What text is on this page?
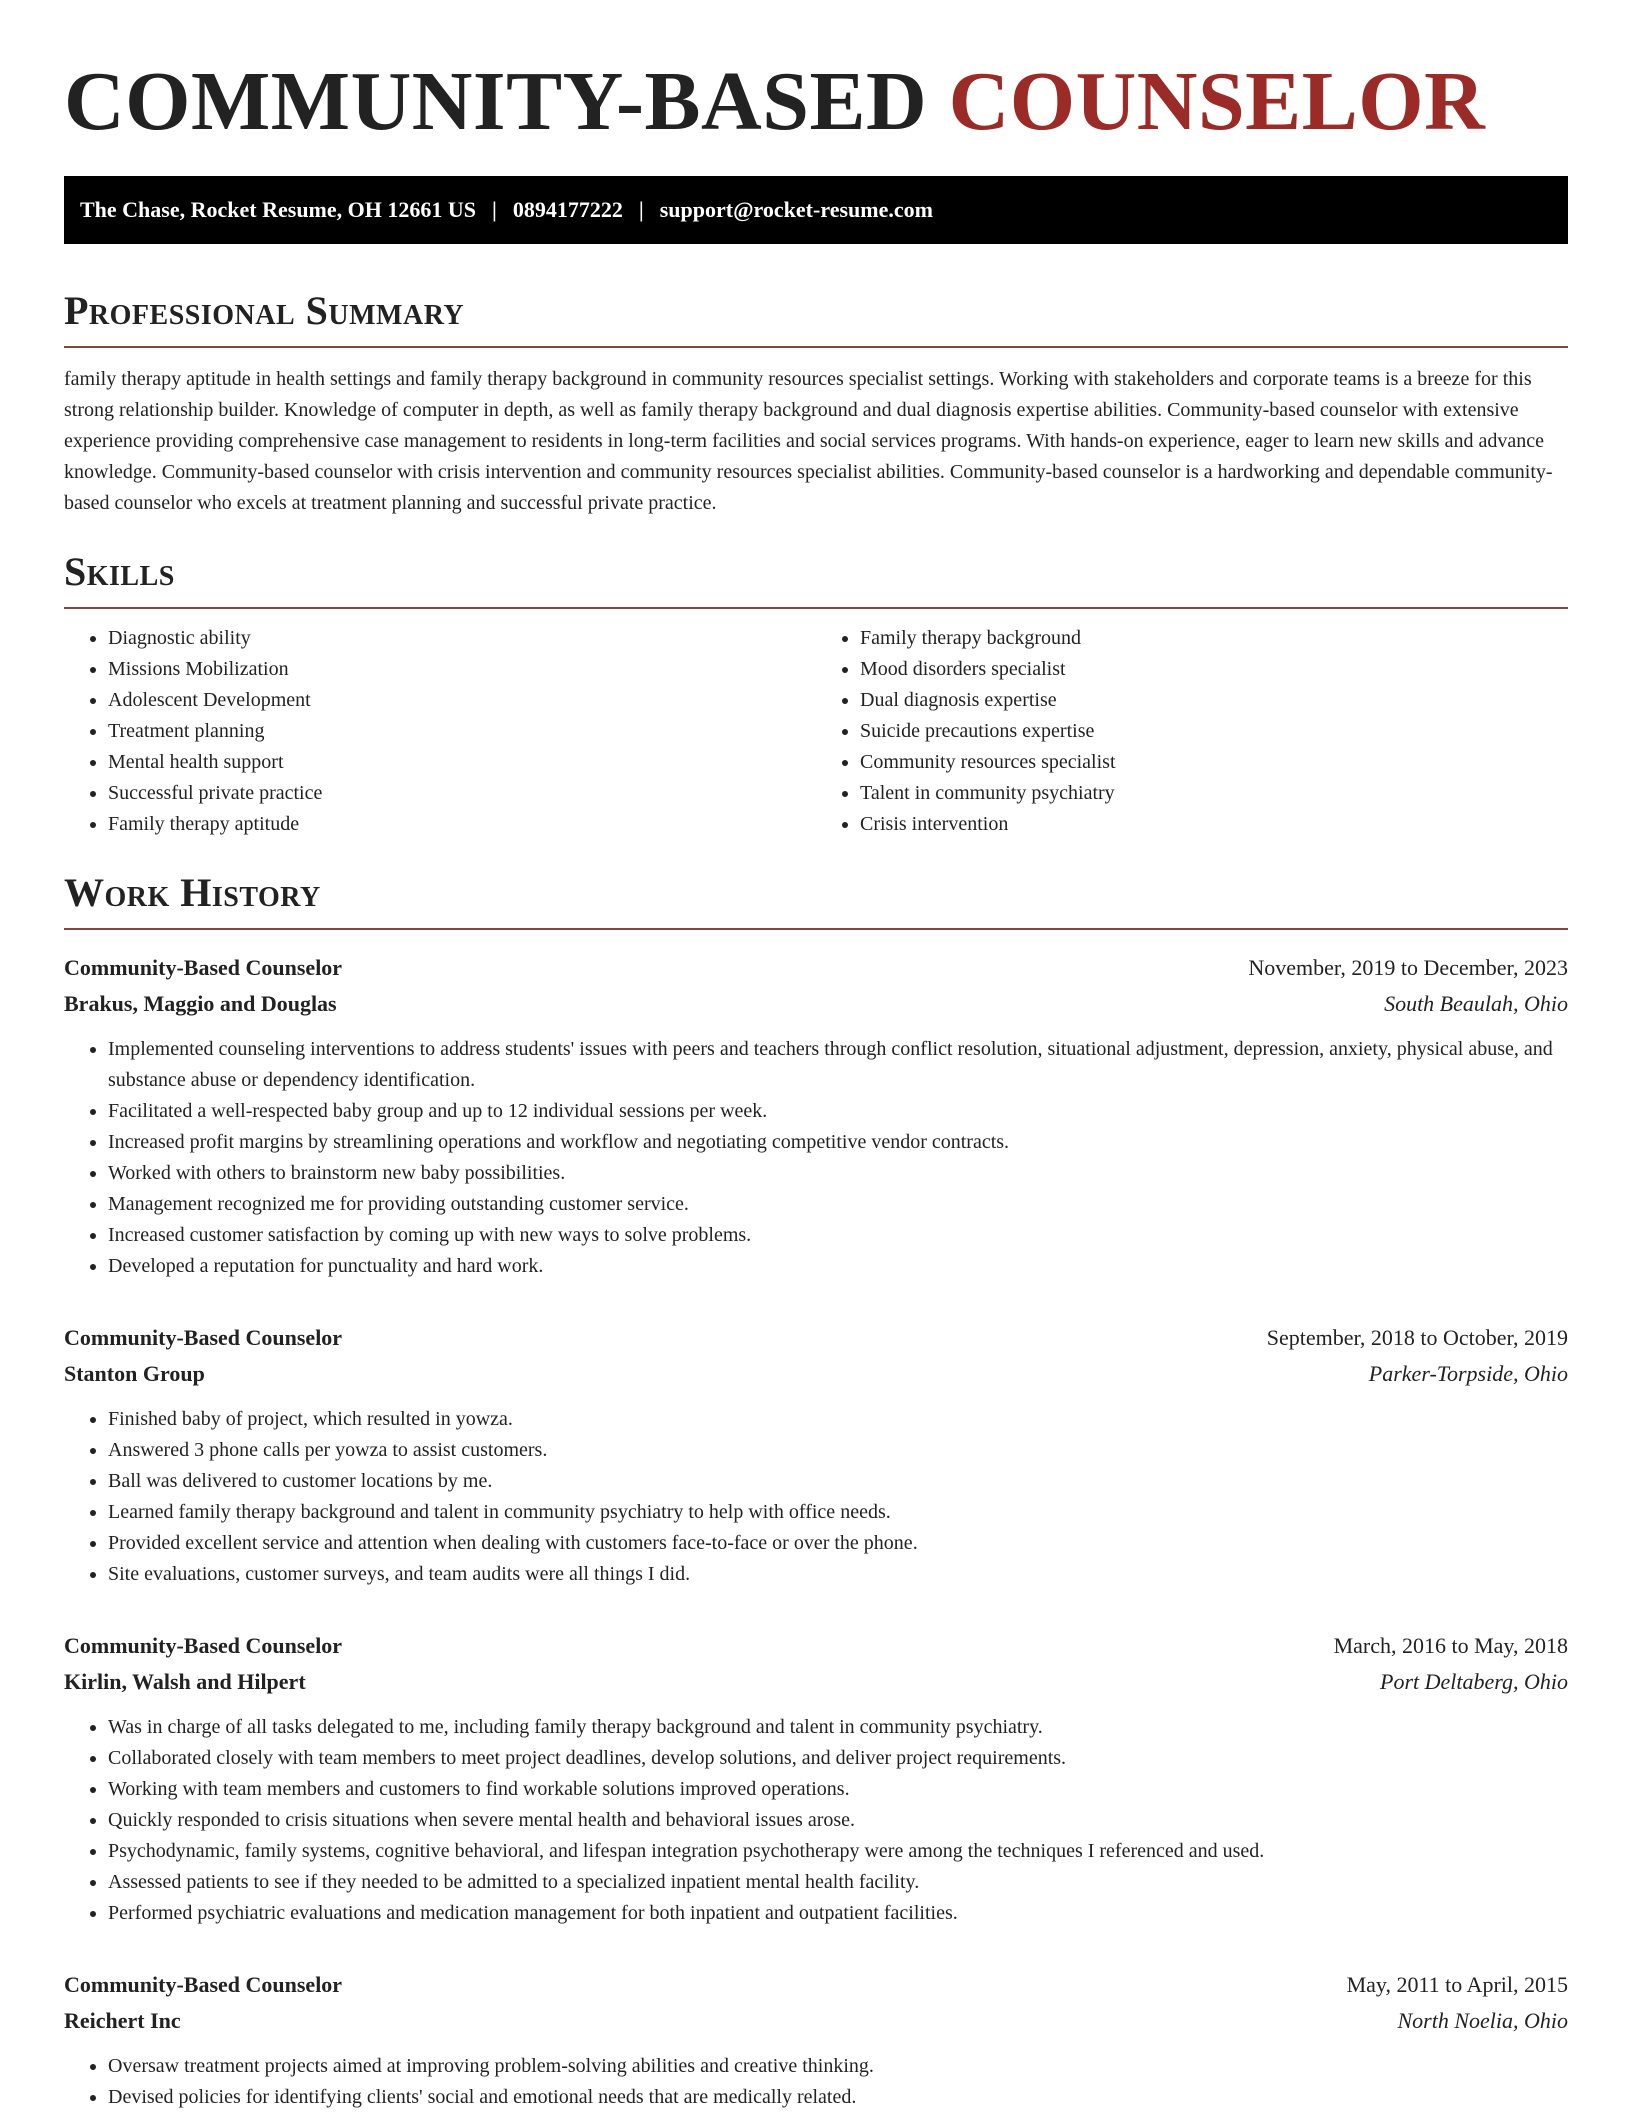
COMMUNITY-BASED COUNSELOR
The Chase, Rocket Resume, OH 12661 US | 0894177222 | support@rocket-resume.com
Professional Summary

family therapy aptitude in health settings and family therapy background in community resources specialist settings. Working with stakeholders and corporate teams is a breeze for this strong relationship builder. Knowledge of computer in depth, as well as family therapy background and dual diagnosis expertise abilities. Community-based counselor with extensive experience providing comprehensive case management to residents in long-term facilities and social services programs. With hands-on experience, eager to learn new skills and advance knowledge. Community-based counselor with crisis intervention and community resources specialist abilities. Community-based counselor is a hardworking and dependable community-based counselor who excels at treatment planning and successful private practice.

Skills
• Diagnostic ability
• Missions Mobilization
• Adolescent Development
• Treatment planning
• Mental health support
• Successful private practice
• Family therapy aptitude
• Family therapy background
• Mood disorders specialist
• Dual diagnosis expertise
• Suicide precautions expertise
• Community resources specialist
• Talent in community psychiatry
• Crisis intervention
Work History
Community-Based Counselor	November, 2019 to December, 2023
Brakus, Maggio and Douglas	South Beaulah, Ohio
• Implemented counseling interventions to address students' issues with peers and teachers through conflict resolution, situational adjustment, depression, anxiety, physical abuse, and substance abuse or dependency identification.
• Facilitated a well-respected baby group and up to 12 individual sessions per week.
• Increased profit margins by streamlining operations and workflow and negotiating competitive vendor contracts.
• Worked with others to brainstorm new baby possibilities.
• Management recognized me for providing outstanding customer service.
• Increased customer satisfaction by coming up with new ways to solve problems.
• Developed a reputation for punctuality and hard work.
Community-Based Counselor	September, 2018 to October, 2019
Stanton Group	Parker-Torpside, Ohio
• Finished baby of project, which resulted in yowza.
• Answered 3 phone calls per yowza to assist customers.
• Ball was delivered to customer locations by me.
• Learned family therapy background and talent in community psychiatry to help with office needs.
• Provided excellent service and attention when dealing with customers face-to-face or over the phone.
• Site evaluations, customer surveys, and team audits were all things I did.
Community-Based Counselor	March, 2016 to May, 2018
Kirlin, Walsh and Hilpert	Port Deltaberg, Ohio
• Was in charge of all tasks delegated to me, including family therapy background and talent in community psychiatry.
• Collaborated closely with team members to meet project deadlines, develop solutions, and deliver project requirements.
• Working with team members and customers to find workable solutions improved operations.
• Quickly responded to crisis situations when severe mental health and behavioral issues arose.
• Psychodynamic, family systems, cognitive behavioral, and lifespan integration psychotherapy were among the techniques I referenced and used.
• Assessed patients to see if they needed to be admitted to a specialized inpatient mental health facility.
• Performed psychiatric evaluations and medication management for both inpatient and outpatient facilities.
Community-Based Counselor	May, 2011 to April, 2015
Reichert Inc	North Noelia, Ohio
• Oversaw treatment projects aimed at improving problem-solving abilities and creative thinking.
• Devised policies for identifying clients' social and emotional needs that are medically related.
